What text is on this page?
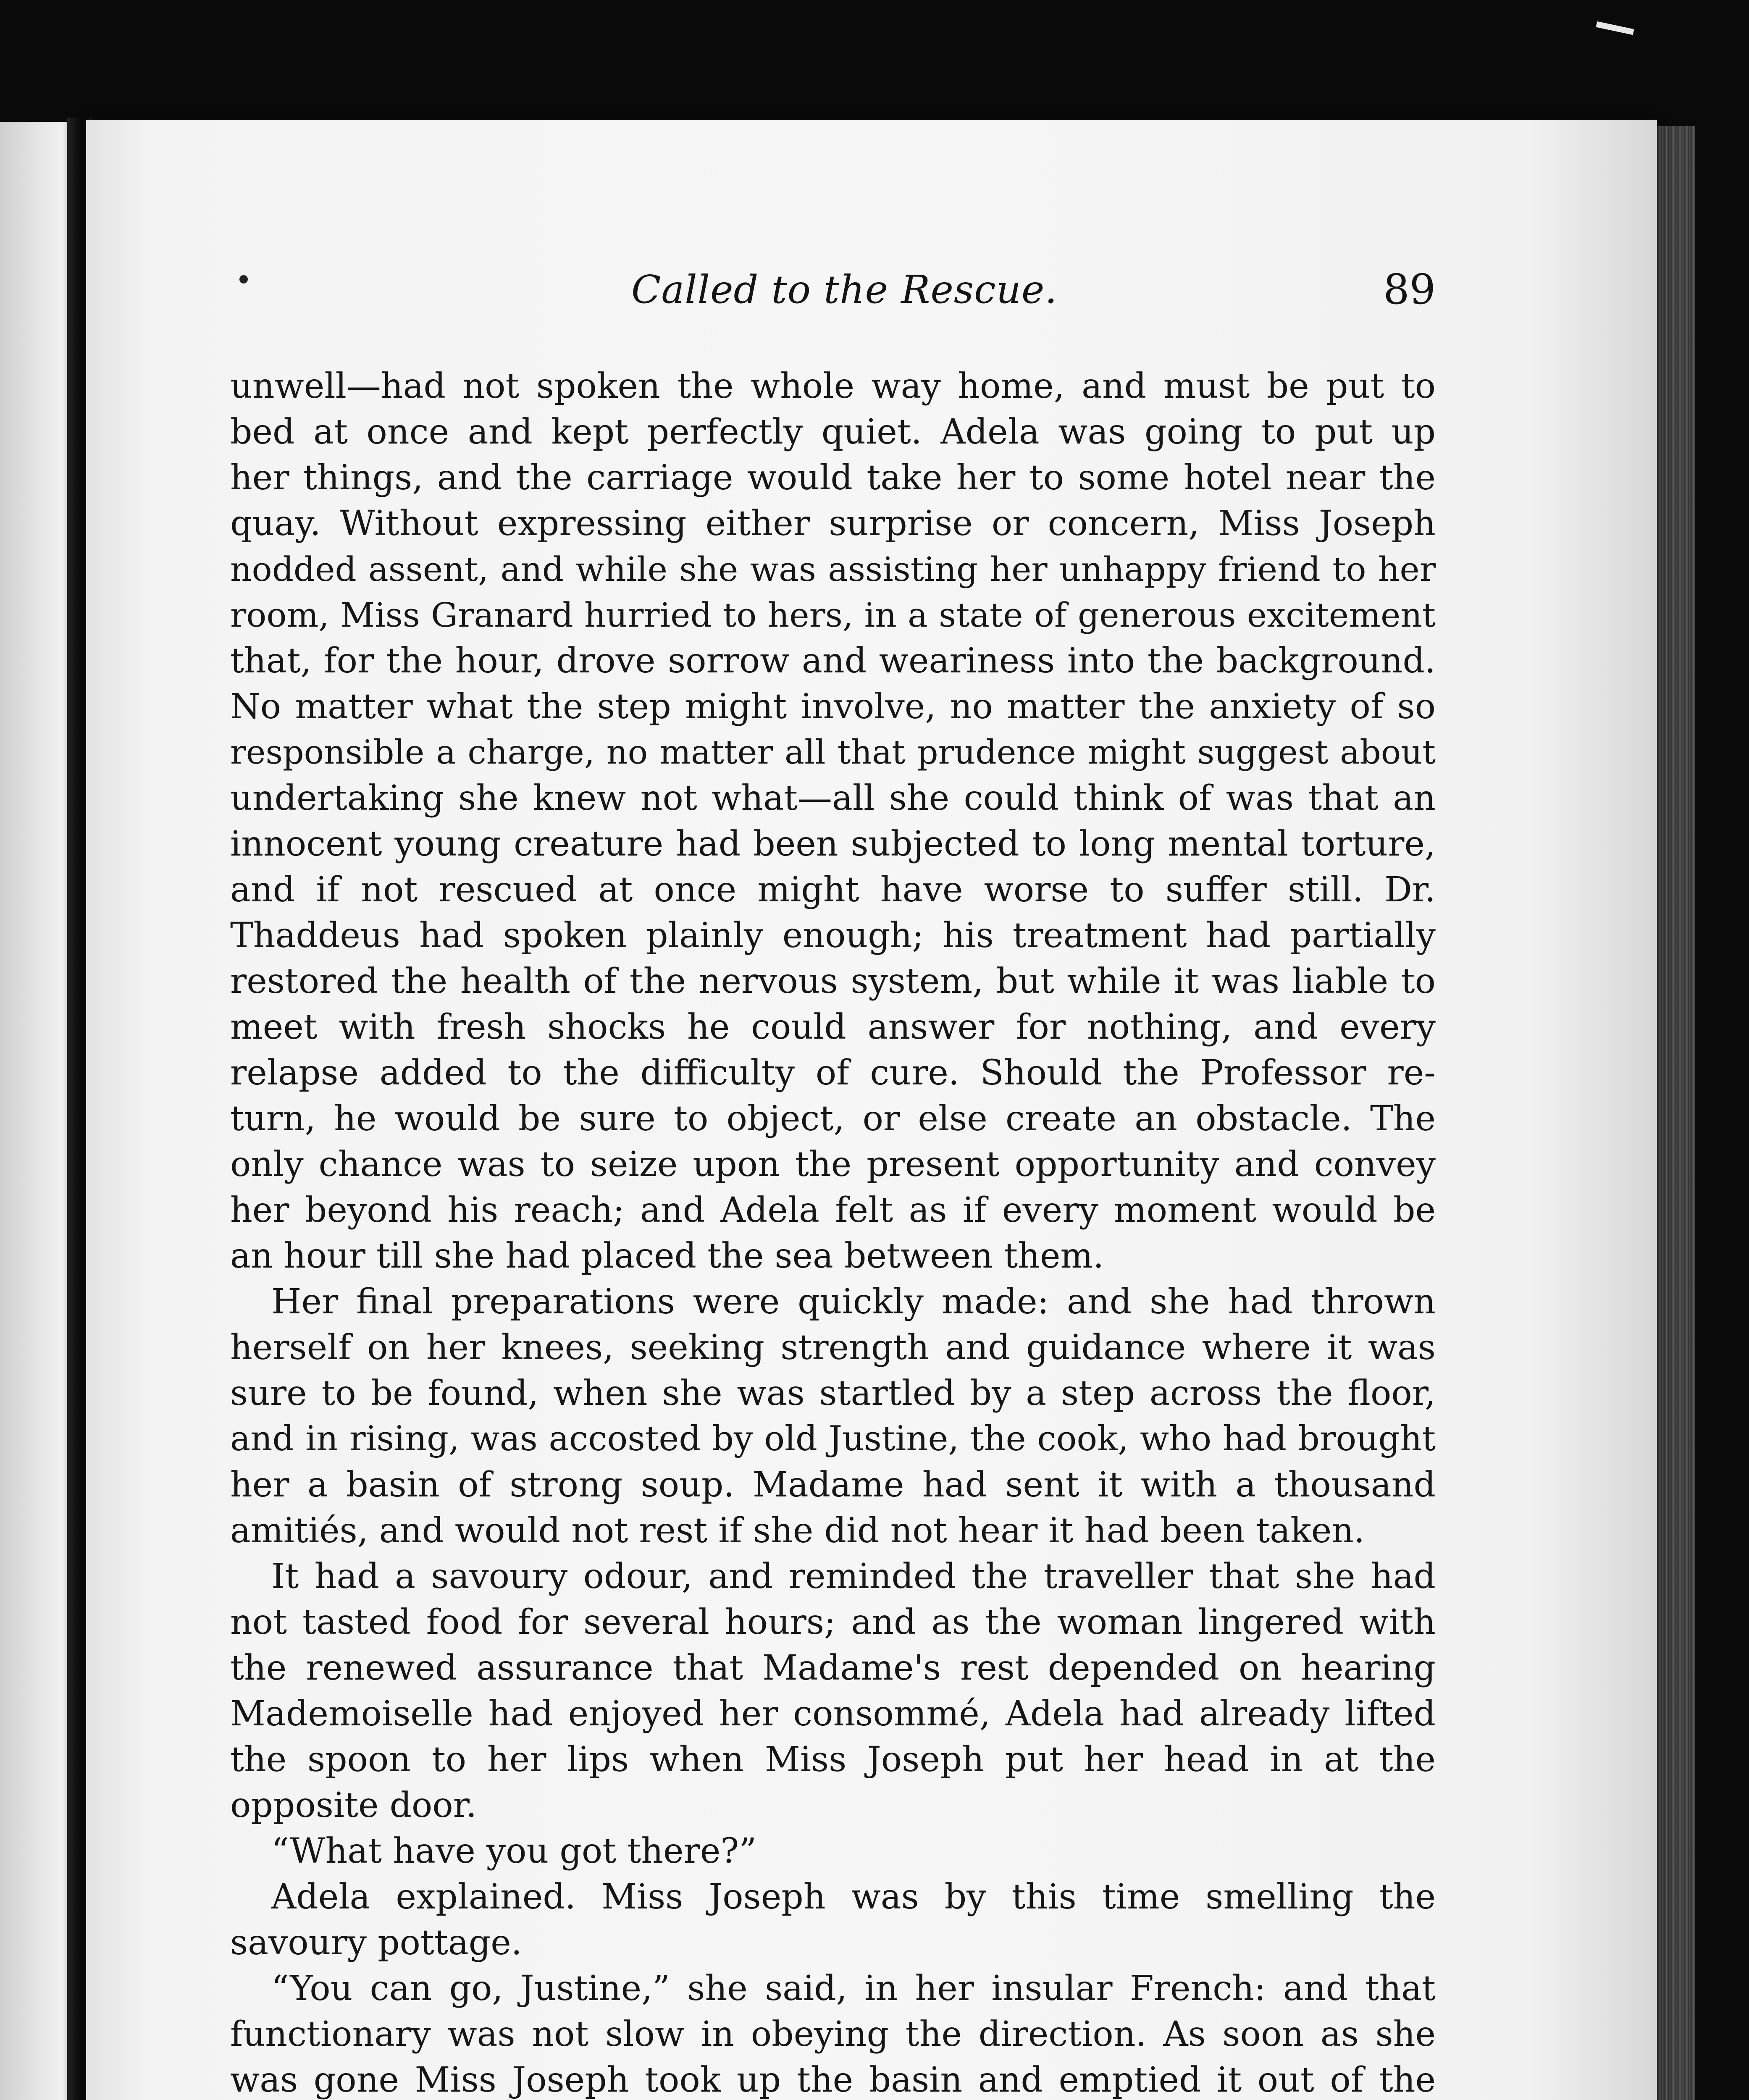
Called to the Rescue.	89
unwell—had not spoken the whole way home, and must be put to
bed at once and kept perfectly quiet. Adela was going to put up
her things, and the carriage would take her to some hotel near the
quay. Without expressing either surprise or concern, Miss Joseph
nodded assent, and while she was assisting her unhappy friend to her
room, Miss Granard hurried to hers, in a state of generous excitement
that, for the hour, drove sorrow and weariness into the background.
No matter what the step might involve, no matter the anxiety of so
responsible a charge, no matter all that prudence might suggest about
undertaking she knew not what—all she could think of was that an
innocent young creature had been subjected to long mental torture,
and if not rescued at once might have worse to suffer still. Dr.
Thaddeus had spoken plainly enough; his treatment had partially
restored the health of the nervous system, but while it was liable to
meet with fresh shocks he could answer for nothing, and every
relapse added to the difficulty of cure. Should the Professor re-
turn, he would be sure to object, or else create an obstacle. The
only chance was to seize upon the present opportunity and convey
her beyond his reach; and Adela felt as if every moment would be
an hour till she had placed the sea between them.
Her final preparations were quickly made: and she had thrown
herself on her knees, seeking strength and guidance where it was
sure to be found, when she was startled by a step across the floor,
and in rising, was accosted by old Justine, the cook, who had brought
her a basin of strong soup. Madame had sent it with a thousand
amitiés, and would not rest if she did not hear it had been taken.
It had a savoury odour, and reminded the traveller that she had
not tasted food for several hours; and as the woman lingered with
the renewed assurance that Madame's rest depended on hearing
Mademoiselle had enjoyed her consommé, Adela had already lifted
the spoon to her lips when Miss Joseph put her head in at the
opposite door.
“What have you got there?”
Adela explained. Miss Joseph was by this time smelling the
savoury pottage.
“You can go, Justine,” she said, in her insular French: and that
functionary was not slow in obeying the direction. As soon as she
was gone Miss Joseph took up the basin and emptied it out of the
